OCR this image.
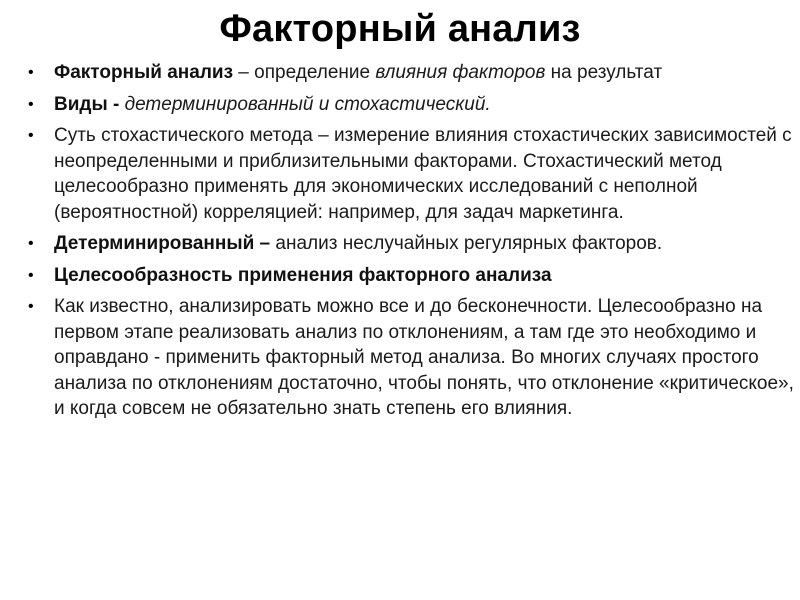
Факторный анализ
• Факторный анализ – определение влияния факторов на результат
• Виды - детерминированный и стохастический.
• Суть стохастического метода – измерение влияния стохастических зависимостей с неопределенными и приблизительными факторами. Стохастический метод целесообразно применять для экономических исследований с неполной (вероятностной) корреляцией: например, для задач маркетинга.
• Детерминированный – анализ неслучайных регулярных факторов.
• Целесообразность применения факторного анализа
• Как известно, анализировать можно все и до бесконечности. Целесообразно на первом этапе реализовать анализ по отклонениям, а там где это необходимо и оправдано - применить факторный метод анализа. Во многих случаях простого анализа по отклонениям достаточно, чтобы понять, что отклонение «критическое», и когда совсем не обязательно знать степень его влияния.
